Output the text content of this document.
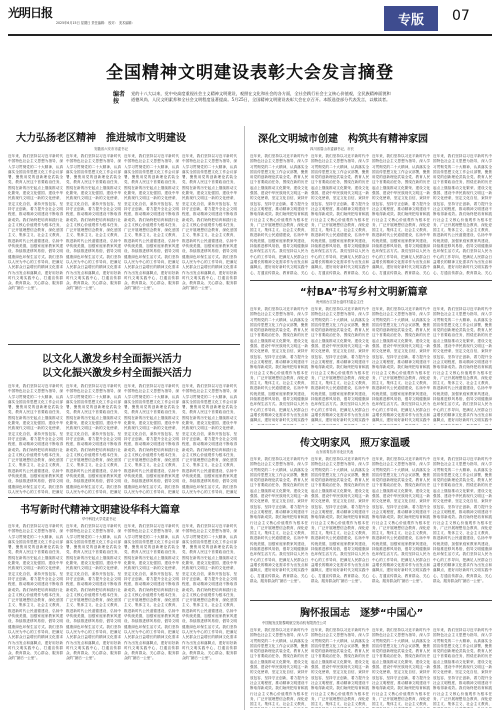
光明日报
2025年6月15日 星期日 责任编辑： 校对： 美术编辑：	专版	07
全国精神文明建设表彰大会发言摘登
编者按
党的十八大以来，党中央高度重视社会主义精神文明建设，观照在文化和社会的各方面，全社会践行社会主义核心价值观，全民族精神面貌和道德风尚、人民文明素养和全社会文明程度显著提高。5月25日，全国精神文明建设表彰大会在京召开。本版选登部分代表发言，以飨读者。
大力弘扬老区精神　推进城市文明建设
安徽省六安市市委书记　
近年来，我们坚持以习近平新时代中国特色社会主义思想为指导，深入学习贯彻党的二十大精神，认真落实全国宣传思想文化工作会议部署，聚焦用党的创新理论武装全党、教育人民这个首要政治任务，围绕在新的历史起点上继续推动文化繁荣、建设文化强国、建设中华民族现代文明这一新的文化使命，坚定文化自信，秉持开放包容，坚持守正创新，着力提升全社会文明程度，推动精神文明建设不断取得新成效。我们始终把培育和践行社会主义核心价值观作为根本任务，广泛开展理想信念教育，深化爱国主义、集体主义、社会主义教育，推进新时代公民道德建设，弘扬中华传统美德，加强家庭家教家风建设，持续推进移风易俗，倡导文明健康绿色环保生活方式。我们坚持以人民为中心的工作导向，把满足人民群众日益增长的精神文化需求作为出发点和落脚点，建好用好新时代文明实践中心，打通宣传群众、教育群众、关心群众、服务群众的“最后一公里”。
近年来，我们坚持以习近平新时代中国特色社会主义思想为指导，深入学习贯彻党的二十大精神，认真落实全国宣传思想文化工作会议部署，聚焦用党的创新理论武装全党、教育人民这个首要政治任务，围绕在新的历史起点上继续推动文化繁荣、建设文化强国、建设中华民族现代文明这一新的文化使命，坚定文化自信，秉持开放包容，坚持守正创新，着力提升全社会文明程度，推动精神文明建设不断取得新成效。我们始终把培育和践行社会主义核心价值观作为根本任务，广泛开展理想信念教育，深化爱国主义、集体主义、社会主义教育，推进新时代公民道德建设，弘扬中华传统美德，加强家庭家教家风建设，持续推进移风易俗，倡导文明健康绿色环保生活方式。我们坚持以人民为中心的工作导向，把满足人民群众日益增长的精神文化需求作为出发点和落脚点，建好用好新时代文明实践中心，打通宣传群众、教育群众、关心群众、服务群众的“最后一公里”。
近年来，我们坚持以习近平新时代中国特色社会主义思想为指导，深入学习贯彻党的二十大精神，认真落实全国宣传思想文化工作会议部署，聚焦用党的创新理论武装全党、教育人民这个首要政治任务，围绕在新的历史起点上继续推动文化繁荣、建设文化强国、建设中华民族现代文明这一新的文化使命，坚定文化自信，秉持开放包容，坚持守正创新，着力提升全社会文明程度，推动精神文明建设不断取得新成效。我们始终把培育和践行社会主义核心价值观作为根本任务，广泛开展理想信念教育，深化爱国主义、集体主义、社会主义教育，推进新时代公民道德建设，弘扬中华传统美德，加强家庭家教家风建设，持续推进移风易俗，倡导文明健康绿色环保生活方式。我们坚持以人民为中心的工作导向，把满足人民群众日益增长的精神文化需求作为出发点和落脚点，建好用好新时代文明实践中心，打通宣传群众、教育群众、关心群众、服务群众的“最后一公里”。
近年来，我们坚持以习近平新时代中国特色社会主义思想为指导，深入学习贯彻党的二十大精神，认真落实全国宣传思想文化工作会议部署，聚焦用党的创新理论武装全党、教育人民这个首要政治任务，围绕在新的历史起点上继续推动文化繁荣、建设文化强国、建设中华民族现代文明这一新的文化使命，坚定文化自信，秉持开放包容，坚持守正创新，着力提升全社会文明程度，推动精神文明建设不断取得新成效。我们始终把培育和践行社会主义核心价值观作为根本任务，广泛开展理想信念教育，深化爱国主义、集体主义、社会主义教育，推进新时代公民道德建设，弘扬中华传统美德，加强家庭家教家风建设，持续推进移风易俗，倡导文明健康绿色环保生活方式。我们坚持以人民为中心的工作导向，把满足人民群众日益增长的精神文化需求作为出发点和落脚点，建好用好新时代文明实践中心，打通宣传群众、教育群众、关心群众、服务群众的“最后一公里”。
深化文明城市创建　构筑共有精神家园
四川省眉山市委副书记、市长　
近年来，我们坚持以习近平新时代中国特色社会主义思想为指导，深入学习贯彻党的二十大精神，认真落实全国宣传思想文化工作会议部署，聚焦用党的创新理论武装全党、教育人民这个首要政治任务，围绕在新的历史起点上继续推动文化繁荣、建设文化强国、建设中华民族现代文明这一新的文化使命，坚定文化自信，秉持开放包容，坚持守正创新，着力提升全社会文明程度，推动精神文明建设不断取得新成效。我们始终把培育和践行社会主义核心价值观作为根本任务，广泛开展理想信念教育，深化爱国主义、集体主义、社会主义教育，推进新时代公民道德建设，弘扬中华传统美德，加强家庭家教家风建设，持续推进移风易俗，倡导文明健康绿色环保生活方式。我们坚持以人民为中心的工作导向，把满足人民群众日益增长的精神文化需求作为出发点和落脚点，建好用好新时代文明实践中心，打通宣传群众、教育群众、关心
近年来，我们坚持以习近平新时代中国特色社会主义思想为指导，深入学习贯彻党的二十大精神，认真落实全国宣传思想文化工作会议部署，聚焦用党的创新理论武装全党、教育人民这个首要政治任务，围绕在新的历史起点上继续推动文化繁荣、建设文化强国、建设中华民族现代文明这一新的文化使命，坚定文化自信，秉持开放包容，坚持守正创新，着力提升全社会文明程度，推动精神文明建设不断取得新成效。我们始终把培育和践行社会主义核心价值观作为根本任务，广泛开展理想信念教育，深化爱国主义、集体主义、社会主义教育，推进新时代公民道德建设，弘扬中华传统美德，加强家庭家教家风建设，持续推进移风易俗，倡导文明健康绿色环保生活方式。我们坚持以人民为中心的工作导向，把满足人民群众日益增长的精神文化需求作为出发点和落脚点，建好用好新时代文明实践中心，打通宣传群众、教育群众、关心
近年来，我们坚持以习近平新时代中国特色社会主义思想为指导，深入学习贯彻党的二十大精神，认真落实全国宣传思想文化工作会议部署，聚焦用党的创新理论武装全党、教育人民这个首要政治任务，围绕在新的历史起点上继续推动文化繁荣、建设文化强国、建设中华民族现代文明这一新的文化使命，坚定文化自信，秉持开放包容，坚持守正创新，着力提升全社会文明程度，推动精神文明建设不断取得新成效。我们始终把培育和践行社会主义核心价值观作为根本任务，广泛开展理想信念教育，深化爱国主义、集体主义、社会主义教育，推进新时代公民道德建设，弘扬中华传统美德，加强家庭家教家风建设，持续推进移风易俗，倡导文明健康绿色环保生活方式。我们坚持以人民为中心的工作导向，把满足人民群众日益增长的精神文化需求作为出发点和落脚点，建好用好新时代文明实践中心，打通宣传群众、教育群众、关心
近年来，我们坚持以习近平新时代中国特色社会主义思想为指导，深入学习贯彻党的二十大精神，认真落实全国宣传思想文化工作会议部署，聚焦用党的创新理论武装全党、教育人民这个首要政治任务，围绕在新的历史起点上继续推动文化繁荣、建设文化强国、建设中华民族现代文明这一新的文化使命，坚定文化自信，秉持开放包容，坚持守正创新，着力提升全社会文明程度，推动精神文明建设不断取得新成效。我们始终把培育和践行社会主义核心价值观作为根本任务，广泛开展理想信念教育，深化爱国主义、集体主义、社会主义教育，推进新时代公民道德建设，弘扬中华传统美德，加强家庭家教家风建设，持续推进移风易俗，倡导文明健康绿色环保生活方式。我们坚持以人民为中心的工作导向，把满足人民群众日益增长的精神文化需求作为出发点和落脚点，建好用好新时代文明实践中心，打通宣传群众、教育群众、关心
“村BA”书写乡村文明新篇章
贵州省台江县台盘村村委会主任　
近年来，我们坚持以习近平新时代中国特色社会主义思想为指导，深入学习贯彻党的二十大精神，认真落实全国宣传思想文化工作会议部署，聚焦用党的创新理论武装全党、教育人民这个首要政治任务，围绕在新的历史起点上继续推动文化繁荣、建设文化强国、建设中华民族现代文明这一新的文化使命，坚定文化自信，秉持开放包容，坚持守正创新，着力提升全社会文明程度，推动精神文明建设不断取得新成效。我们始终把培育和践行社会主义核心价值观作为根本任务，广泛开展理想信念教育，深化爱国主义、集体主义、社会主义教育，推进新时代公民道德建设，弘扬中华传统美德，加强家庭家教家风建设，持续推进移风易俗，倡导文明健康绿色环保生活方式。我们坚持以人民为中心的工作导向，把满足人民群众日益增长的精神文化需求作为出发点和落脚点，建好用好新时代文明实践中
近年来，我们坚持以习近平新时代中国特色社会主义思想为指导，深入学习贯彻党的二十大精神，认真落实全国宣传思想文化工作会议部署，聚焦用党的创新理论武装全党、教育人民这个首要政治任务，围绕在新的历史起点上继续推动文化繁荣、建设文化强国、建设中华民族现代文明这一新的文化使命，坚定文化自信，秉持开放包容，坚持守正创新，着力提升全社会文明程度，推动精神文明建设不断取得新成效。我们始终把培育和践行社会主义核心价值观作为根本任务，广泛开展理想信念教育，深化爱国主义、集体主义、社会主义教育，推进新时代公民道德建设，弘扬中华传统美德，加强家庭家教家风建设，持续推进移风易俗，倡导文明健康绿色环保生活方式。我们坚持以人民为中心的工作导向，把满足人民群众日益增长的精神文化需求作为出发点和落脚点，建好用好新时代文明实践中
近年来，我们坚持以习近平新时代中国特色社会主义思想为指导，深入学习贯彻党的二十大精神，认真落实全国宣传思想文化工作会议部署，聚焦用党的创新理论武装全党、教育人民这个首要政治任务，围绕在新的历史起点上继续推动文化繁荣、建设文化强国、建设中华民族现代文明这一新的文化使命，坚定文化自信，秉持开放包容，坚持守正创新，着力提升全社会文明程度，推动精神文明建设不断取得新成效。我们始终把培育和践行社会主义核心价值观作为根本任务，广泛开展理想信念教育，深化爱国主义、集体主义、社会主义教育，推进新时代公民道德建设，弘扬中华传统美德，加强家庭家教家风建设，持续推进移风易俗，倡导文明健康绿色环保生活方式。我们坚持以人民为中心的工作导向，把满足人民群众日益增长的精神文化需求作为出发点和落脚点，建好用好新时代文明实践中
近年来，我们坚持以习近平新时代中国特色社会主义思想为指导，深入学习贯彻党的二十大精神，认真落实全国宣传思想文化工作会议部署，聚焦用党的创新理论武装全党、教育人民这个首要政治任务，围绕在新的历史起点上继续推动文化繁荣、建设文化强国、建设中华民族现代文明这一新的文化使命，坚定文化自信，秉持开放包容，坚持守正创新，着力提升全社会文明程度，推动精神文明建设不断取得新成效。我们始终把培育和践行社会主义核心价值观作为根本任务，广泛开展理想信念教育，深化爱国主义、集体主义、社会主义教育，推进新时代公民道德建设，弘扬中华传统美德，加强家庭家教家风建设，持续推进移风易俗，倡导文明健康绿色环保生活方式。我们坚持以人民为中心的工作导向，把满足人民群众日益增长的精神文化需求作为出发点和落脚点，建好用好新时代文明实践中
以文化人激发乡村全面振兴活力
以文化振兴激发乡村全面振兴活力
近年来，我们坚持以习近平新时代中国特色社会主义思想为指导，深入学习贯彻党的二十大精神，认真落实全国宣传思想文化工作会议部署，聚焦用党的创新理论武装全党、教育人民这个首要政治任务，围绕在新的历史起点上继续推动文化繁荣、建设文化强国、建设中华民族现代文明这一新的文化使命，坚定文化自信，秉持开放包容，坚持守正创新，着力提升全社会文明程度，推动精神文明建设不断取得新成效。我们始终把培育和践行社会主义核心价值观作为根本任务，广泛开展理想信念教育，深化爱国主义、集体主义、社会主义教育，推进新时代公民道德建设，弘扬中华传统美德，加强家庭家教家风建设，持续推进移风易俗，倡导文明健康绿色环保生活方式。我们坚持以人民为中心的工作导向，把满足
近年来，我们坚持以习近平新时代中国特色社会主义思想为指导，深入学习贯彻党的二十大精神，认真落实全国宣传思想文化工作会议部署，聚焦用党的创新理论武装全党、教育人民这个首要政治任务，围绕在新的历史起点上继续推动文化繁荣、建设文化强国、建设中华民族现代文明这一新的文化使命，坚定文化自信，秉持开放包容，坚持守正创新，着力提升全社会文明程度，推动精神文明建设不断取得新成效。我们始终把培育和践行社会主义核心价值观作为根本任务，广泛开展理想信念教育，深化爱国主义、集体主义、社会主义教育，推进新时代公民道德建设，弘扬中华传统美德，加强家庭家教家风建设，持续推进移风易俗，倡导文明健康绿色环保生活方式。我们坚持以人民为中心的工作导向，把满足
近年来，我们坚持以习近平新时代中国特色社会主义思想为指导，深入学习贯彻党的二十大精神，认真落实全国宣传思想文化工作会议部署，聚焦用党的创新理论武装全党、教育人民这个首要政治任务，围绕在新的历史起点上继续推动文化繁荣、建设文化强国、建设中华民族现代文明这一新的文化使命，坚定文化自信，秉持开放包容，坚持守正创新，着力提升全社会文明程度，推动精神文明建设不断取得新成效。我们始终把培育和践行社会主义核心价值观作为根本任务，广泛开展理想信念教育，深化爱国主义、集体主义、社会主义教育，推进新时代公民道德建设，弘扬中华传统美德，加强家庭家教家风建设，持续推进移风易俗，倡导文明健康绿色环保生活方式。我们坚持以人民为中心的工作导向，把满足
近年来，我们坚持以习近平新时代中国特色社会主义思想为指导，深入学习贯彻党的二十大精神，认真落实全国宣传思想文化工作会议部署，聚焦用党的创新理论武装全党、教育人民这个首要政治任务，围绕在新的历史起点上继续推动文化繁荣、建设文化强国、建设中华民族现代文明这一新的文化使命，坚定文化自信，秉持开放包容，坚持守正创新，着力提升全社会文明程度，推动精神文明建设不断取得新成效。我们始终把培育和践行社会主义核心价值观作为根本任务，广泛开展理想信念教育，深化爱国主义、集体主义、社会主义教育，推进新时代公民道德建设，弘扬中华传统美德，加强家庭家教家风建设，持续推进移风易俗，倡导文明健康绿色环保生活方式。我们坚持以人民为中心的工作导向，把满足
书写新时代精神文明建设华科大篇章
华中科技大学党委书记　
近年来，我们坚持以习近平新时代中国特色社会主义思想为指导，深入学习贯彻党的二十大精神，认真落实全国宣传思想文化工作会议部署，聚焦用党的创新理论武装全党、教育人民这个首要政治任务，围绕在新的历史起点上继续推动文化繁荣、建设文化强国、建设中华民族现代文明这一新的文化使命，坚定文化自信，秉持开放包容，坚持守正创新，着力提升全社会文明程度，推动精神文明建设不断取得新成效。我们始终把培育和践行社会主义核心价值观作为根本任务，广泛开展理想信念教育，深化爱国主义、集体主义、社会主义教育，推进新时代公民道德建设，弘扬中华传统美德，加强家庭家教家风建设，持续推进移风易俗，倡导文明健康绿色环保生活方式。我们坚持以人民为中心的工作导向，把满足人民群众日益增长的精神文化需求作为出发点和落脚点，建好用好新时代文明实践中心，打通宣传群众、教育群众、关心群众、服务群众的“最后一公里”。
近年来，我们坚持以习近平新时代中国特色社会主义思想为指导，深入学习贯彻党的二十大精神，认真落实全国宣传思想文化工作会议部署，聚焦用党的创新理论武装全党、教育人民这个首要政治任务，围绕在新的历史起点上继续推动文化繁荣、建设文化强国、建设中华民族现代文明这一新的文化使命，坚定文化自信，秉持开放包容，坚持守正创新，着力提升全社会文明程度，推动精神文明建设不断取得新成效。我们始终把培育和践行社会主义核心价值观作为根本任务，广泛开展理想信念教育，深化爱国主义、集体主义、社会主义教育，推进新时代公民道德建设，弘扬中华传统美德，加强家庭家教家风建设，持续推进移风易俗，倡导文明健康绿色环保生活方式。我们坚持以人民为中心的工作导向，把满足人民群众日益增长的精神文化需求作为出发点和落脚点，建好用好新时代文明实践中心，打通宣传群众、教育群众、关心群众、服务群众的“最后一公里”。
近年来，我们坚持以习近平新时代中国特色社会主义思想为指导，深入学习贯彻党的二十大精神，认真落实全国宣传思想文化工作会议部署，聚焦用党的创新理论武装全党、教育人民这个首要政治任务，围绕在新的历史起点上继续推动文化繁荣、建设文化强国、建设中华民族现代文明这一新的文化使命，坚定文化自信，秉持开放包容，坚持守正创新，着力提升全社会文明程度，推动精神文明建设不断取得新成效。我们始终把培育和践行社会主义核心价值观作为根本任务，广泛开展理想信念教育，深化爱国主义、集体主义、社会主义教育，推进新时代公民道德建设，弘扬中华传统美德，加强家庭家教家风建设，持续推进移风易俗，倡导文明健康绿色环保生活方式。我们坚持以人民为中心的工作导向，把满足人民群众日益增长的精神文化需求作为出发点和落脚点，建好用好新时代文明实践中心，打通宣传群众、教育群众、关心群众、服务群众的“最后一公里”。
近年来，我们坚持以习近平新时代中国特色社会主义思想为指导，深入学习贯彻党的二十大精神，认真落实全国宣传思想文化工作会议部署，聚焦用党的创新理论武装全党、教育人民这个首要政治任务，围绕在新的历史起点上继续推动文化繁荣、建设文化强国、建设中华民族现代文明这一新的文化使命，坚定文化自信，秉持开放包容，坚持守正创新，着力提升全社会文明程度，推动精神文明建设不断取得新成效。我们始终把培育和践行社会主义核心价值观作为根本任务，广泛开展理想信念教育，深化爱国主义、集体主义、社会主义教育，推进新时代公民道德建设，弘扬中华传统美德，加强家庭家教家风建设，持续推进移风易俗，倡导文明健康绿色环保生活方式。我们坚持以人民为中心的工作导向，把满足人民群众日益增长的精神文化需求作为出发点和落脚点，建好用好新时代文明实践中心，打通宣传群众、教育群众、关心群众、服务群众的“最后一公里”。
传文明家风　照万家温暖
山东省青岛市市北区代表　
近年来，我们坚持以习近平新时代中国特色社会主义思想为指导，深入学习贯彻党的二十大精神，认真落实全国宣传思想文化工作会议部署，聚焦用党的创新理论武装全党、教育人民这个首要政治任务，围绕在新的历史起点上继续推动文化繁荣、建设文化强国、建设中华民族现代文明这一新的文化使命，坚定文化自信，秉持开放包容，坚持守正创新，着力提升全社会文明程度，推动精神文明建设不断取得新成效。我们始终把培育和践行社会主义核心价值观作为根本任务，广泛开展理想信念教育，深化爱国主义、集体主义、社会主义教育，推进新时代公民道德建设，弘扬中华传统美德，加强家庭家教家风建设，持续推进移风易俗，倡导文明健康绿色环保生活方式。我们坚持以人民为中心的工作导向，把满足人民群众日益增长的精神文化需求作为出发点和落脚点，建好用好新时代文明实践中心，打通宣传群众、教育群众、关心群众、服务群众的“最后一公里”。
近年来，我们坚持以习近平新时代中国特色社会主义思想为指导，深入学习贯彻党的二十大精神，认真落实全国宣传思想文化工作会议部署，聚焦用党的创新理论武装全党、教育人民这个首要政治任务，围绕在新的历史起点上继续推动文化繁荣、建设文化强国、建设中华民族现代文明这一新的文化使命，坚定文化自信，秉持开放包容，坚持守正创新，着力提升全社会文明程度，推动精神文明建设不断取得新成效。我们始终把培育和践行社会主义核心价值观作为根本任务，广泛开展理想信念教育，深化爱国主义、集体主义、社会主义教育，推进新时代公民道德建设，弘扬中华传统美德，加强家庭家教家风建设，持续推进移风易俗，倡导文明健康绿色环保生活方式。我们坚持以人民为中心的工作导向，把满足人民群众日益增长的精神文化需求作为出发点和落脚点，建好用好新时代文明实践中心，打通宣传群众、教育群众、关心群众、服务群众的“最后一公里”。
近年来，我们坚持以习近平新时代中国特色社会主义思想为指导，深入学习贯彻党的二十大精神，认真落实全国宣传思想文化工作会议部署，聚焦用党的创新理论武装全党、教育人民这个首要政治任务，围绕在新的历史起点上继续推动文化繁荣、建设文化强国、建设中华民族现代文明这一新的文化使命，坚定文化自信，秉持开放包容，坚持守正创新，着力提升全社会文明程度，推动精神文明建设不断取得新成效。我们始终把培育和践行社会主义核心价值观作为根本任务，广泛开展理想信念教育，深化爱国主义、集体主义、社会主义教育，推进新时代公民道德建设，弘扬中华传统美德，加强家庭家教家风建设，持续推进移风易俗，倡导文明健康绿色环保生活方式。我们坚持以人民为中心的工作导向，把满足人民群众日益增长的精神文化需求作为出发点和落脚点，建好用好新时代文明实践中心，打通宣传群众、教育群众、关心群众、服务群众的“最后一公里”。
近年来，我们坚持以习近平新时代中国特色社会主义思想为指导，深入学习贯彻党的二十大精神，认真落实全国宣传思想文化工作会议部署，聚焦用党的创新理论武装全党、教育人民这个首要政治任务，围绕在新的历史起点上继续推动文化繁荣、建设文化强国、建设中华民族现代文明这一新的文化使命，坚定文化自信，秉持开放包容，坚持守正创新，着力提升全社会文明程度，推动精神文明建设不断取得新成效。我们始终把培育和践行社会主义核心价值观作为根本任务，广泛开展理想信念教育，深化爱国主义、集体主义、社会主义教育，推进新时代公民道德建设，弘扬中华传统美德，加强家庭家教家风建设，持续推进移风易俗，倡导文明健康绿色环保生活方式。我们坚持以人民为中心的工作导向，把满足人民群众日益增长的精神文化需求作为出发点和落脚点，建好用好新时代文明实践中心，打通宣传群众、教育群众、关心群众、服务群众的“最后一公里”。
胸怀报国志　逐梦“中国心”
中国航发沈阳黎明航空发动机有限责任公司　
近年来，我们坚持以习近平新时代中国特色社会主义思想为指导，深入学习贯彻党的二十大精神，认真落实全国宣传思想文化工作会议部署，聚焦用党的创新理论武装全党、教育人民这个首要政治任务，围绕在新的历史起点上继续推动文化繁荣、建设文化强国、建设中华民族现代文明这一新的文化使命，坚定文化自信，秉持开放包容，坚持守正创新，着力提升全社会文明程度，推动精神文明建设不断取得新成效。我们始终把培育和践行社会主义核心价值观作为根本任务，广泛开展理想信念教育，深化爱国主义、集体主义、社会主义教育，
近年来，我们坚持以习近平新时代中国特色社会主义思想为指导，深入学习贯彻党的二十大精神，认真落实全国宣传思想文化工作会议部署，聚焦用党的创新理论武装全党、教育人民这个首要政治任务，围绕在新的历史起点上继续推动文化繁荣、建设文化强国、建设中华民族现代文明这一新的文化使命，坚定文化自信，秉持开放包容，坚持守正创新，着力提升全社会文明程度，推动精神文明建设不断取得新成效。我们始终把培育和践行社会主义核心价值观作为根本任务，广泛开展理想信念教育，深化爱国主义、集体主义、社会主义教育，
近年来，我们坚持以习近平新时代中国特色社会主义思想为指导，深入学习贯彻党的二十大精神，认真落实全国宣传思想文化工作会议部署，聚焦用党的创新理论武装全党、教育人民这个首要政治任务，围绕在新的历史起点上继续推动文化繁荣、建设文化强国、建设中华民族现代文明这一新的文化使命，坚定文化自信，秉持开放包容，坚持守正创新，着力提升全社会文明程度，推动精神文明建设不断取得新成效。我们始终把培育和践行社会主义核心价值观作为根本任务，广泛开展理想信念教育，深化爱国主义、集体主义、社会主义教育，
近年来，我们坚持以习近平新时代中国特色社会主义思想为指导，深入学习贯彻党的二十大精神，认真落实全国宣传思想文化工作会议部署，聚焦用党的创新理论武装全党、教育人民这个首要政治任务，围绕在新的历史起点上继续推动文化繁荣、建设文化强国、建设中华民族现代文明这一新的文化使命，坚定文化自信，秉持开放包容，坚持守正创新，着力提升全社会文明程度，推动精神文明建设不断取得新成效。我们始终把培育和践行社会主义核心价值观作为根本任务，广泛开展理想信念教育，深化爱国主义、集体主义、社会主义教育，
